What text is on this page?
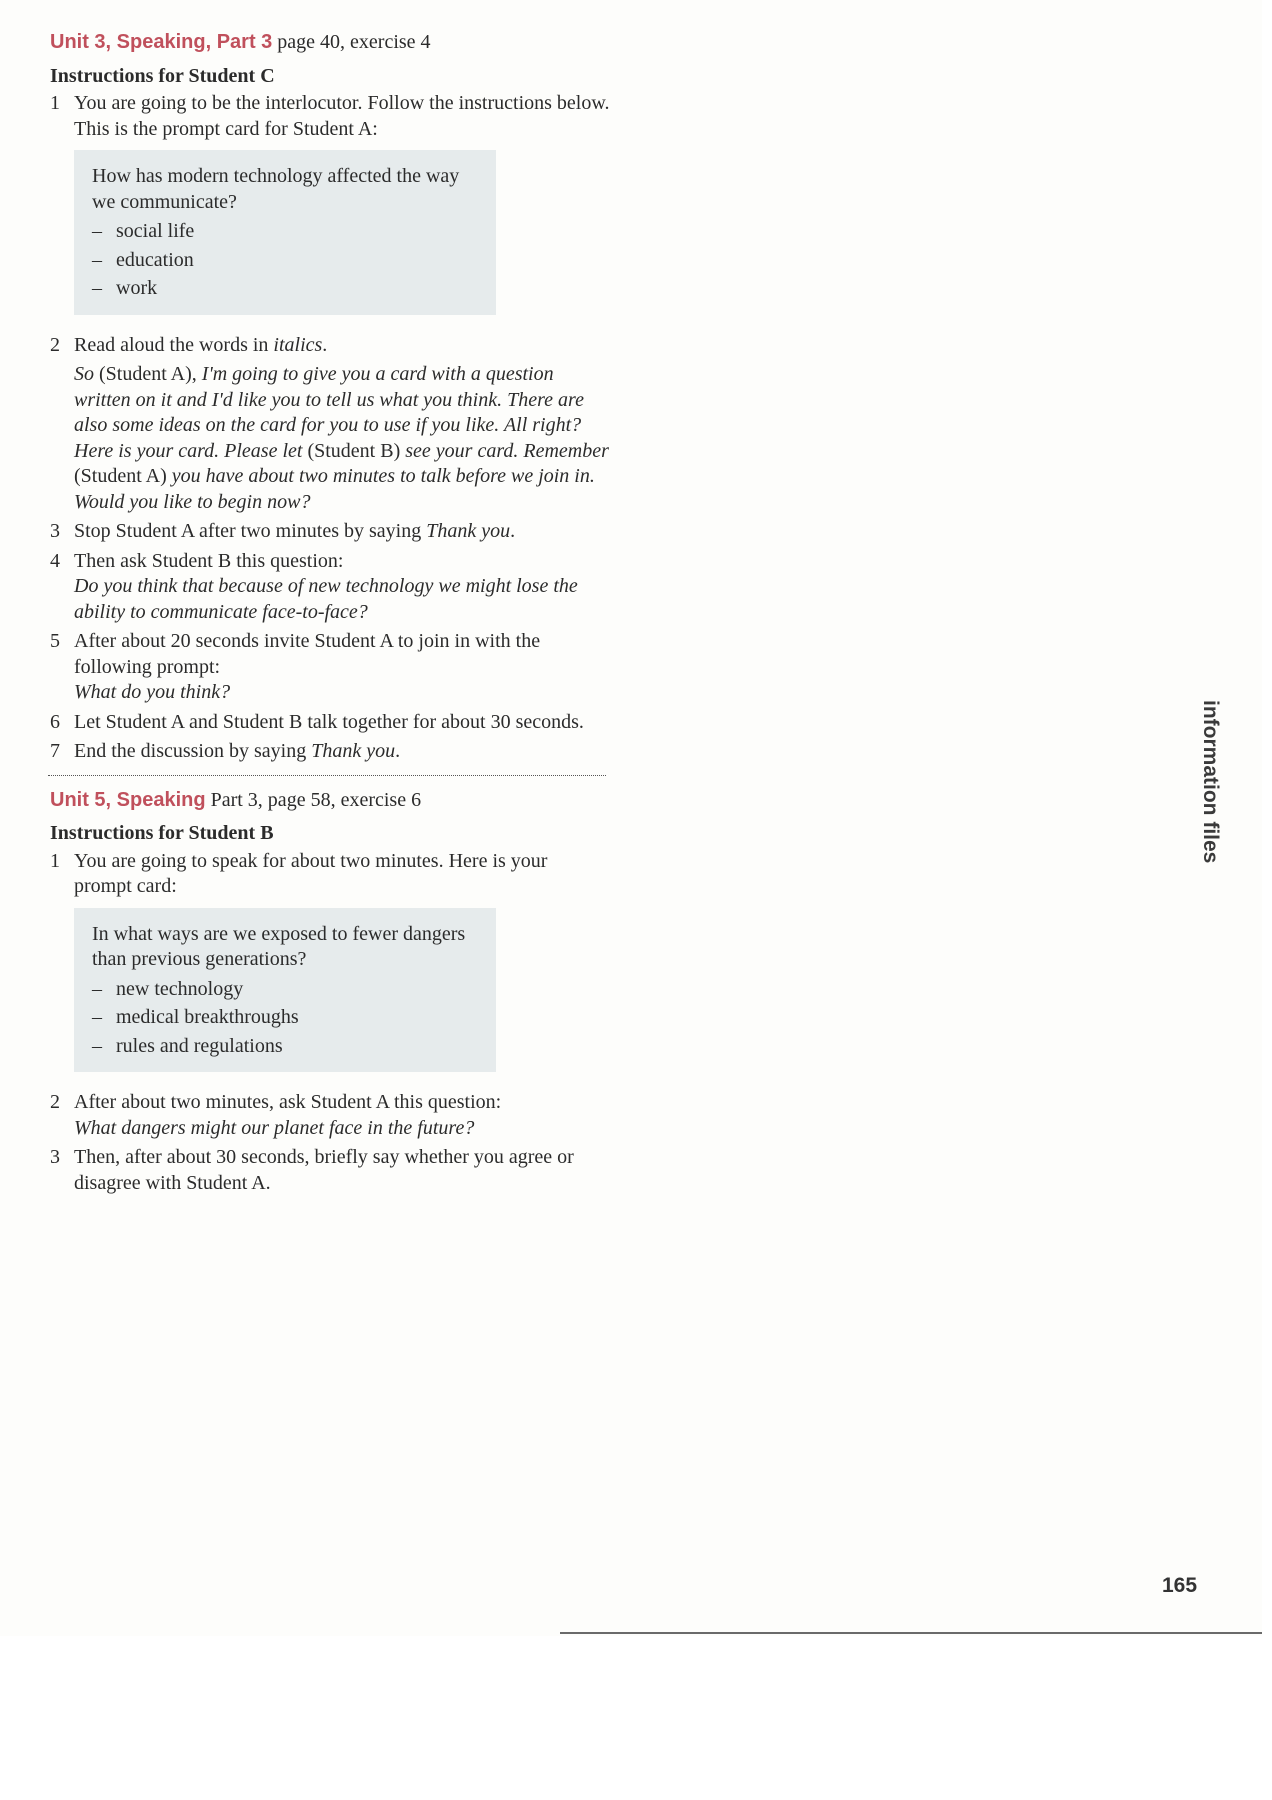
Unit 3, Speaking, Part 3 page 40, exercise 4
Instructions for Student C
1 You are going to be the interlocutor. Follow the instructions below. This is the prompt card for Student A:
How has modern technology affected the way we communicate?
– social life
– education
– work
2 Read aloud the words in italics.
So (Student A), I'm going to give you a card with a question written on it and I'd like you to tell us what you think. There are also some ideas on the card for you to use if you like. All right? Here is your card. Please let (Student B) see your card. Remember (Student A) you have about two minutes to talk before we join in. Would you like to begin now?
3 Stop Student A after two minutes by saying Thank you.
4 Then ask Student B this question:
Do you think that because of new technology we might lose the ability to communicate face-to-face?
5 After about 20 seconds invite Student A to join in with the following prompt:
What do you think?
6 Let Student A and Student B talk together for about 30 seconds.
7 End the discussion by saying Thank you.
Unit 5, Speaking Part 3, page 58, exercise 6
Instructions for Student B
1 You are going to speak for about two minutes. Here is your prompt card:
In what ways are we exposed to fewer dangers than previous generations?
– new technology
– medical breakthroughs
– rules and regulations
2 After about two minutes, ask Student A this question:
What dangers might our planet face in the future?
3 Then, after about 30 seconds, briefly say whether you agree or disagree with Student A.
information files
165
